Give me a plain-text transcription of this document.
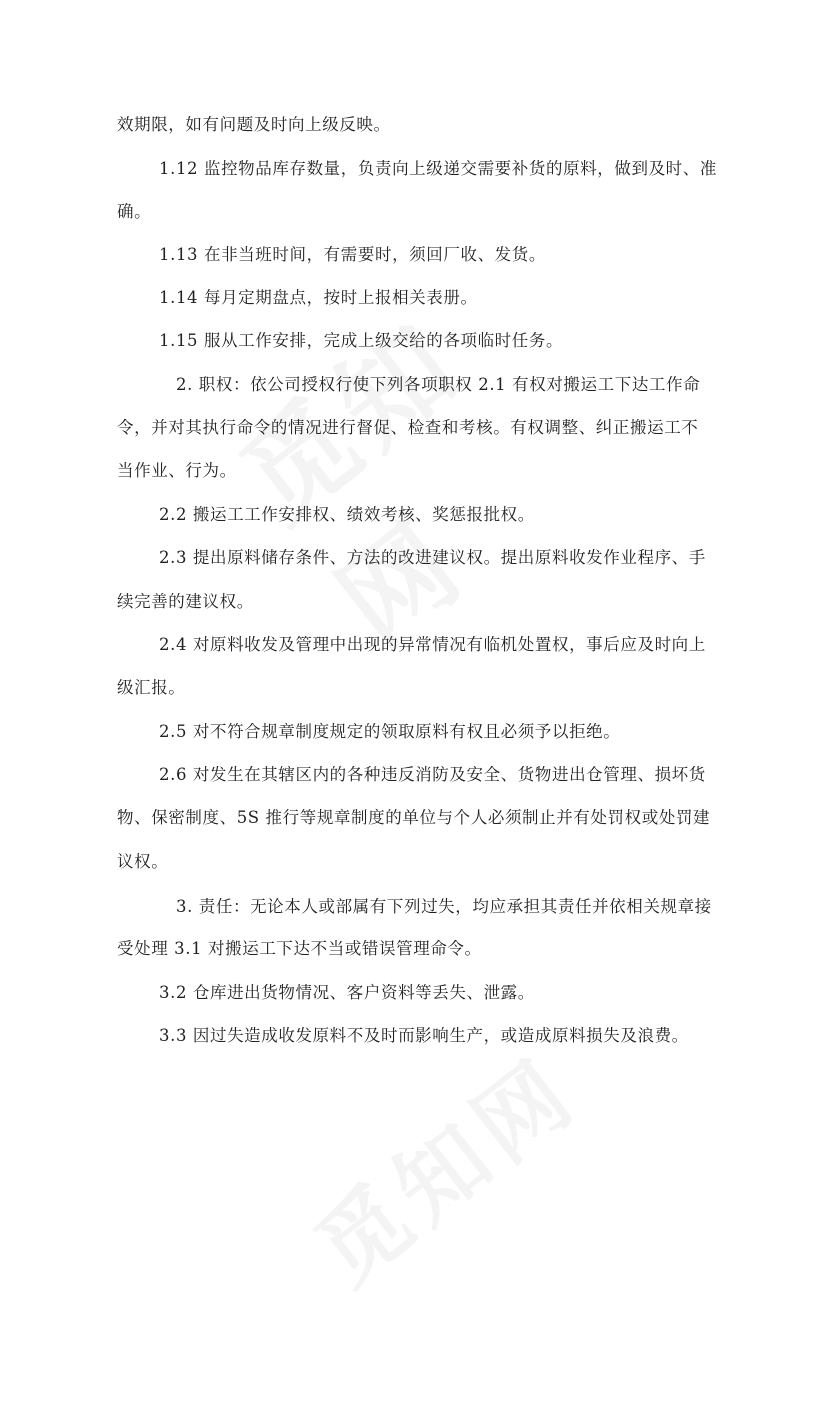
效期限，如有问题及时向上级反映。
1.12 监控物品库存数量，负责向上级递交需要补货的原料，做到及时、准
确。
1.13 在非当班时间，有需要时，须回厂收、发货。
1.14 每月定期盘点，按时上报相关表册。
1.15 服从工作安排，完成上级交给的各项临时任务。
2. 职权：依公司授权行使下列各项职权 2.1 有权对搬运工下达工作命
令，并对其执行命令的情况进行督促、检查和考核。有权调整、纠正搬运工不
当作业、行为。
2.2 搬运工工作安排权、绩效考核、奖惩报批权。
2.3 提出原料储存条件、方法的改进建议权。提出原料收发作业程序、手
续完善的建议权。
2.4 对原料收发及管理中出现的异常情况有临机处置权，事后应及时向上
级汇报。
2.5 对不符合规章制度规定的领取原料有权且必须予以拒绝。
2.6 对发生在其辖区内的各种违反消防及安全、货物进出仓管理、损坏货
物、保密制度、5S 推行等规章制度的单位与个人必须制止并有处罚权或处罚建
议权。
3. 责任：无论本人或部属有下列过失，均应承担其责任并依相关规章接
受处理 3.1 对搬运工下达不当或错误管理命令。
3.2 仓库进出货物情况、客户资料等丢失、泄露。
3.3 因过失造成收发原料不及时而影响生产，或造成原料损失及浪费。
